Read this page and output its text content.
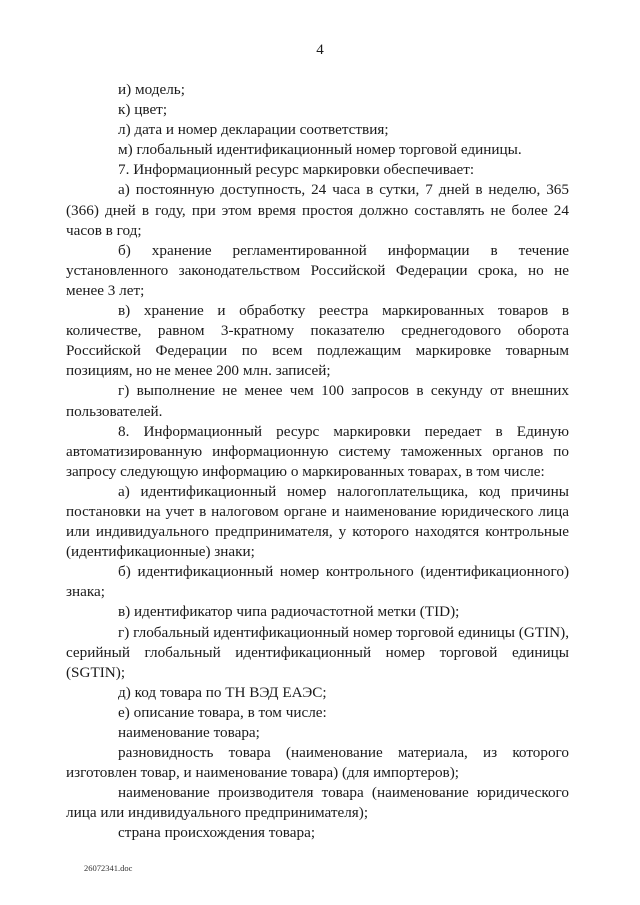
4

и) модель;

к) цвет;

л) дата и номер декларации соответствия;

м) глобальный идентификационный номер торговой единицы.

7. Информационный ресурс маркировки обеспечивает:

а) постоянную доступность, 24 часа в сутки, 7 дней в неделю, 365 (366) дней в году, при этом время простоя должно составлять не более 24 часов в год;

б) хранение регламентированной информации в течение установленного законодательством Российской Федерации срока, но не менее 3 лет;

в) хранение и обработку реестра маркированных товаров в количестве, равном 3-кратному показателю среднегодового оборота Российской Федерации по всем подлежащим маркировке товарным позициям, но не менее 200 млн. записей;

г) выполнение не менее чем 100 запросов в секунду от внешних пользователей.

8. Информационный ресурс маркировки передает в Единую автоматизированную информационную систему таможенных органов по запросу следующую информацию о маркированных товарах, в том числе:

а) идентификационный номер налогоплательщика, код причины постановки на учет в налоговом органе и наименование юридического лица или индивидуального предпринимателя, у которого находятся контрольные (идентификационные) знаки;

б) идентификационный номер контрольного (идентификационного) знака;

в) идентификатор чипа радиочастотной метки (TID);

г) глобальный идентификационный номер торговой единицы (GTIN), серийный глобальный идентификационный номер торговой единицы (SGTIN);

д) код товара по ТН ВЭД ЕАЭС;

е) описание товара, в том числе:

наименование товара;

разновидность товара (наименование материала, из которого изготовлен товар, и наименование товара) (для импортеров);

наименование производителя товара (наименование юридического лица или индивидуального предпринимателя);

страна происхождения товара;

26072341.doc
